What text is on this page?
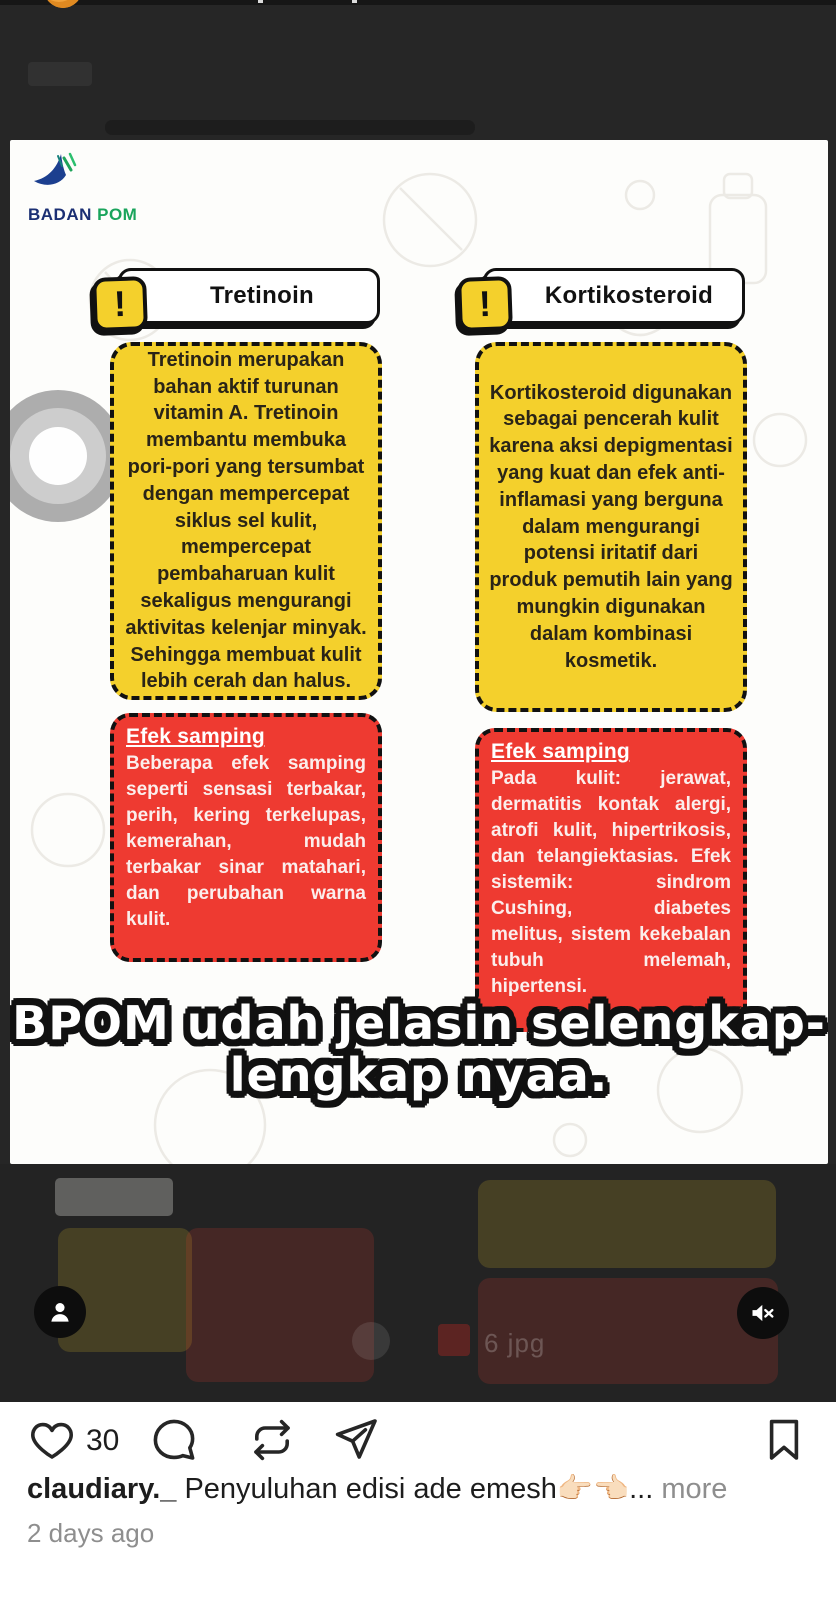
BADAN POM
!	Tretinoin

Tretinoin merupakan bahan aktif turunan vitamin A. Tretinoin membantu membuka pori-pori yang tersumbat dengan mempercepat siklus sel kulit, mempercepat pembaharuan kulit sekaligus mengurangi aktivitas kelenjar minyak. Sehingga membuat kulit lebih cerah dan halus.

Efek samping

Beberapa efek samping seperti sensasi terbakar, perih, kering terkelupas, kemerahan, mudah terbakar sinar matahari, dan perubahan warna kulit.

!	Kortikosteroid

Kortikosteroid digunakan sebagai pencerah kulit karena aksi depigmentasi yang kuat dan efek anti-inflamasi yang berguna dalam mengurangi potensi iritatif dari produk pemutih lain yang mungkin digunakan dalam kombinasi kosmetik.

Efek samping

Pada kulit: jerawat, dermatitis kontak alergi, atrofi kulit, hipertrikosis, dan telangiektasias. Efek sistemik: sindrom Cushing, diabetes melitus, sistem kekebalan tubuh melemah, hipertensi.

BPOM udah jelasin selengkap-
lengkap nyaa.
6 jpg
30
claudiary._ Penyuluhan edisi ade emesh👉🏻👈🏻... more
2 days ago
